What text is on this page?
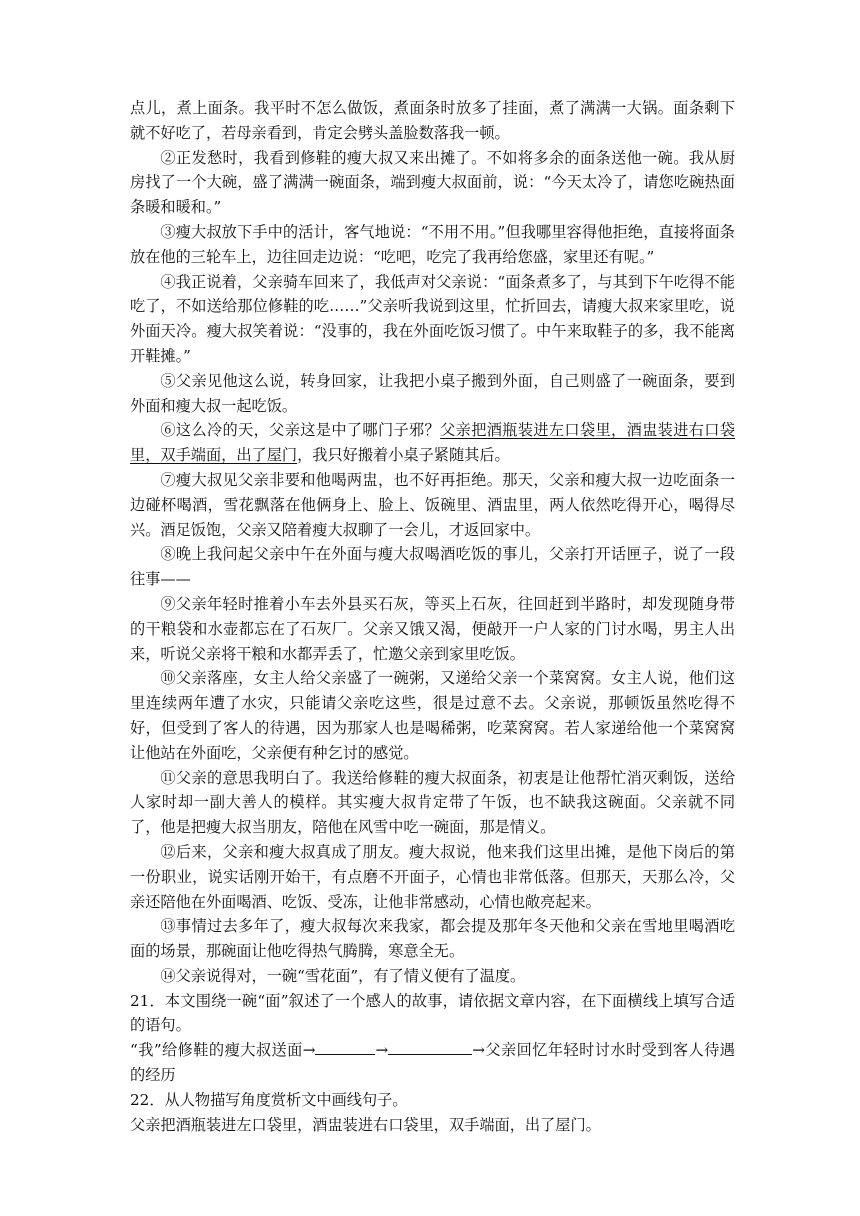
点儿，煮上面条。我平时不怎么做饭，煮面条时放多了挂面，煮了满满一大锅。面条剩下就不好吃了，若母亲看到，肯定会劈头盖脸数落我一顿。

②正发愁时，我看到修鞋的瘦大叔又来出摊了。不如将多余的面条送他一碗。我从厨房找了一个大碗，盛了满满一碗面条，端到瘦大叔面前，说：“今天太冷了，请您吃碗热面条暖和暖和。”

③瘦大叔放下手中的活计，客气地说：“不用不用。”但我哪里容得他拒绝，直接将面条放在他的三轮车上，边往回走边说：“吃吧，吃完了我再给您盛，家里还有呢。”

④我正说着，父亲骑车回来了，我低声对父亲说：“面条煮多了，与其到下午吃得不能吃了，不如送给那位修鞋的吃……”父亲听我说到这里，忙折回去，请瘦大叔来家里吃，说外面天冷。瘦大叔笑着说：“没事的，我在外面吃饭习惯了。中午来取鞋子的多，我不能离开鞋摊。”

⑤父亲见他这么说，转身回家，让我把小桌子搬到外面，自己则盛了一碗面条，要到外面和瘦大叔一起吃饭。

⑥这么冷的天，父亲这是中了哪门子邪？父亲把酒瓶装进左口袋里，酒盅装进右口袋里，双手端面，出了屋门，我只好搬着小桌子紧随其后。

⑦瘦大叔见父亲非要和他喝两盅，也不好再拒绝。那天，父亲和瘦大叔一边吃面条一边碰杯喝酒，雪花飘落在他俩身上、脸上、饭碗里、酒盅里，两人依然吃得开心，喝得尽兴。酒足饭饱，父亲又陪着瘦大叔聊了一会儿，才返回家中。

⑧晚上我问起父亲中午在外面与瘦大叔喝酒吃饭的事儿，父亲打开话匣子，说了一段往事——

⑨父亲年轻时推着小车去外县买石灰，等买上石灰，往回赶到半路时，却发现随身带的干粮袋和水壶都忘在了石灰厂。父亲又饿又渴，便敲开一户人家的门讨水喝，男主人出来，听说父亲将干粮和水都弄丢了，忙邀父亲到家里吃饭。

⑩父亲落座，女主人给父亲盛了一碗粥，又递给父亲一个菜窝窝。女主人说，他们这里连续两年遭了水灾，只能请父亲吃这些，很是过意不去。父亲说，那顿饭虽然吃得不好，但受到了客人的待遇，因为那家人也是喝稀粥，吃菜窝窝。若人家递给他一个菜窝窝让他站在外面吃，父亲便有种乞讨的感觉。

⑪父亲的意思我明白了。我送给修鞋的瘦大叔面条，初衷是让他帮忙消灭剩饭，送给人家时却一副大善人的模样。其实瘦大叔肯定带了午饭，也不缺我这碗面。父亲就不同了，他是把瘦大叔当朋友，陪他在风雪中吃一碗面，那是情义。

⑫后来，父亲和瘦大叔真成了朋友。瘦大叔说，他来我们这里出摊，是他下岗后的第一份职业，说实话刚开始干，有点磨不开面子，心情也非常低落。但那天，天那么冷，父亲还陪他在外面喝酒、吃饭、受冻，让他非常感动，心情也敞亮起来。

⑬事情过去多年了，瘦大叔每次来我家，都会提及那年冬天他和父亲在雪地里喝酒吃面的场景，那碗面让他吃得热气腾腾，寒意全无。

⑭父亲说得对，一碗“雪花面”，有了情义便有了温度。

21．本文围绕一碗“面”叙述了一个感人的故事，请依据文章内容，在下面横线上填写合适的语句。

“我”给修鞋的瘦大叔送面→	→	→父亲回忆年轻时讨水时受到客人待遇的经历

22．从人物描写角度赏析文中画线句子。

父亲把酒瓶装进左口袋里，酒盅装进右口袋里，双手端面，出了屋门。
